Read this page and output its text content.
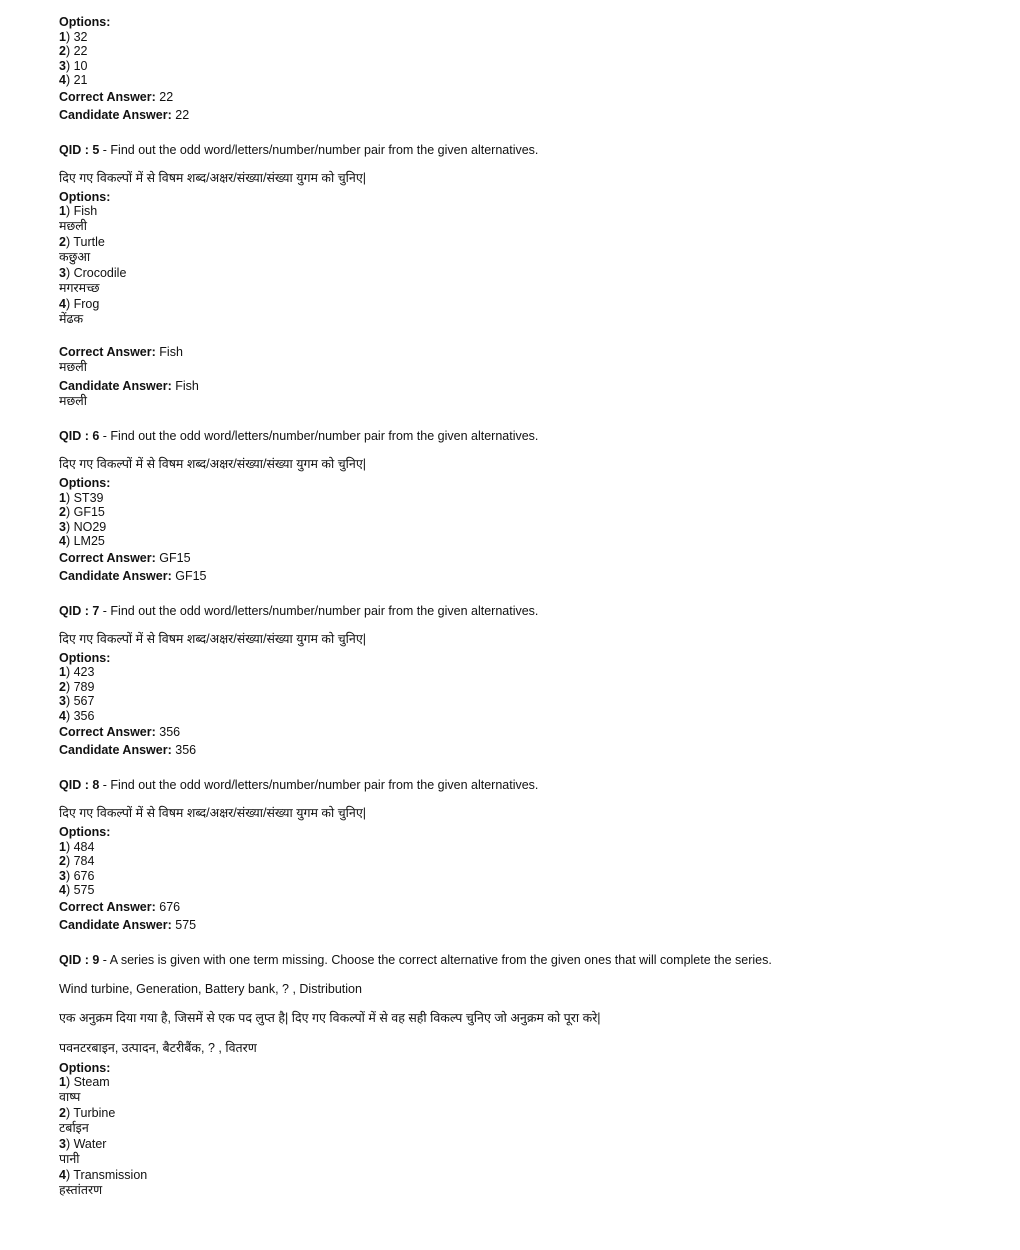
Options:
1) 32
2) 22
3) 10
4) 21
Correct Answer: 22
Candidate Answer: 22
QID : 5 - Find out the odd word/letters/number/number pair from the given alternatives.
दिए गए विकल्पों में से विषम शब्द/अक्षर/संख्या/संख्या युगम को चुनिए|
Options:
1) Fish
मछली
2) Turtle
कछुआ
3) Crocodile
मगरमच्छ
4) Frog
मेंढक
Correct Answer: Fish
मछली
Candidate Answer: Fish
मछली
QID : 6 - Find out the odd word/letters/number/number pair from the given alternatives.
दिए गए विकल्पों में से विषम शब्द/अक्षर/संख्या/संख्या युगम को चुनिए|
Options:
1) ST39
2) GF15
3) NO29
4) LM25
Correct Answer: GF15
Candidate Answer: GF15
QID : 7 - Find out the odd word/letters/number/number pair from the given alternatives.
दिए गए विकल्पों में से विषम शब्द/अक्षर/संख्या/संख्या युगम को चुनिए|
Options:
1) 423
2) 789
3) 567
4) 356
Correct Answer: 356
Candidate Answer: 356
QID : 8 - Find out the odd word/letters/number/number pair from the given alternatives.
दिए गए विकल्पों में से विषम शब्द/अक्षर/संख्या/संख्या युगम को चुनिए|
Options:
1) 484
2) 784
3) 676
4) 575
Correct Answer: 676
Candidate Answer: 575
QID : 9 - A series is given with one term missing. Choose the correct alternative from the given ones that will complete the series.
Wind turbine, Generation, Battery bank, ? , Distribution
एक अनुक्रम दिया गया है, जिसमें से एक पद लुप्त है| दिए गए विकल्पों में से वह सही विकल्प चुनिए जो अनुक्रम को पूरा करे|
पवनटरबाइन, उत्पादन, बैटरीबैंक, ? , वितरण
Options:
1) Steam
वाष्प
2) Turbine
टर्बाइन
3) Water
पानी
4) Transmission
हस्तांतरण
